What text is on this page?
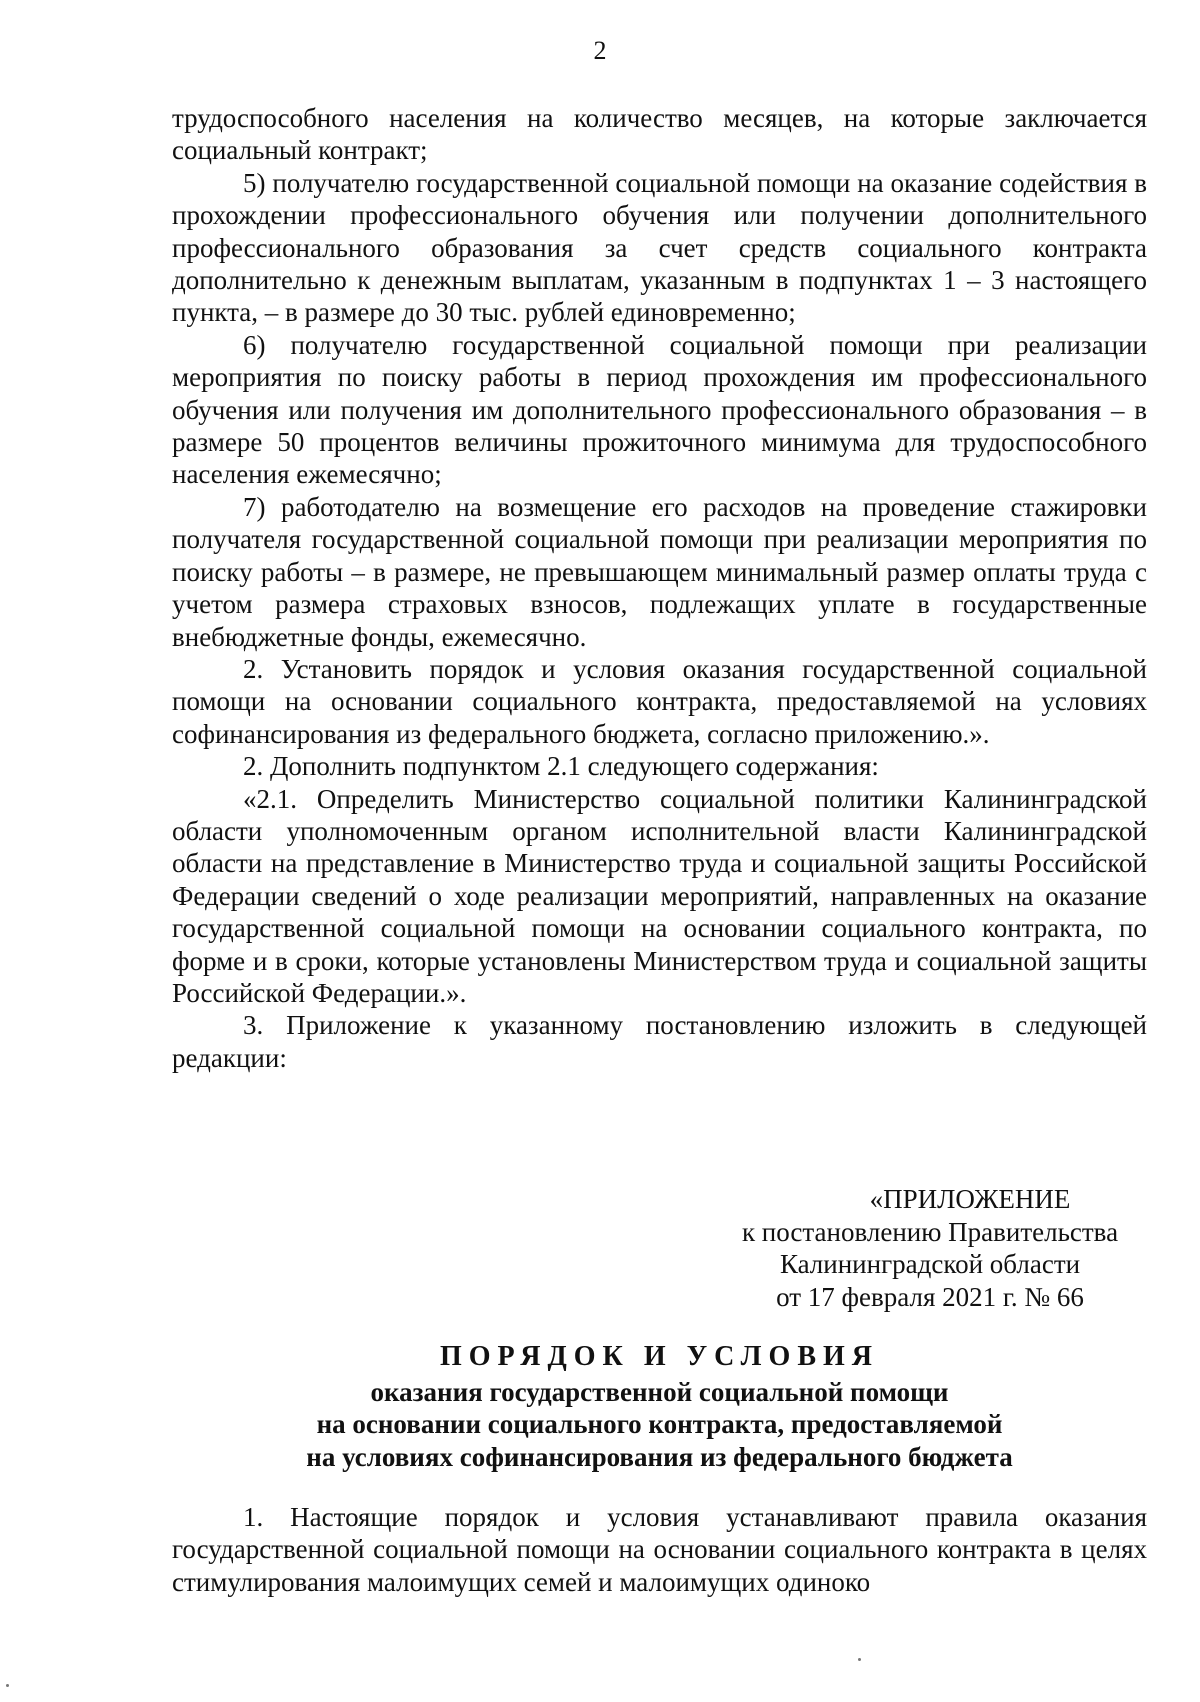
2

трудоспособного населения на количество месяцев, на которые заключается социальный контракт;

5) получателю государственной социальной помощи на оказание содействия в прохождении профессионального обучения или получении дополнительного профессионального образования за счет средств социального контракта дополнительно к денежным выплатам, указанным в подпунктах 1 – 3 настоящего пункта, – в размере до 30 тыс. рублей единовременно;

6) получателю государственной социальной помощи при реализации мероприятия по поиску работы в период прохождения им профессионального обучения или получения им дополнительного профессионального образования – в размере 50 процентов величины прожиточного минимума для трудоспособного населения ежемесячно;

7) работодателю на возмещение его расходов на проведение стажировки получателя государственной социальной помощи при реализации мероприятия по поиску работы – в размере, не превышающем минимальный размер оплаты труда с учетом размера страховых взносов, подлежащих уплате в государственные внебюджетные фонды, ежемесячно.

2. Установить порядок и условия оказания государственной социальной помощи на основании социального контракта, предоставляемой на условиях софинансирования из федерального бюджета, согласно приложению.».

2. Дополнить подпунктом 2.1 следующего содержания:

«2.1. Определить Министерство социальной политики Калининградской области уполномоченным органом исполнительной власти Калининградской области на представление в Министерство труда и социальной защиты Российской Федерации сведений о ходе реализации мероприятий, направленных на оказание государственной социальной помощи на основании социального контракта, по форме и в сроки, которые установлены Министерством труда и социальной защиты Российской Федерации.».

3. Приложение к указанному постановлению изложить в следующей редакции:

«ПРИЛОЖЕНИЕ
к постановлению Правительства
Калининградской области
от 17 февраля 2021 г. № 66
ПОРЯДОК И УСЛОВИЯ
оказания государственной социальной помощи
на основании социального контракта, предоставляемой
на условиях софинансирования из федерального бюджета

1. Настоящие порядок и условия устанавливают правила оказания государственной социальной помощи на основании социального контракта в целях стимулирования малоимущих семей и малоимущих одиноко
